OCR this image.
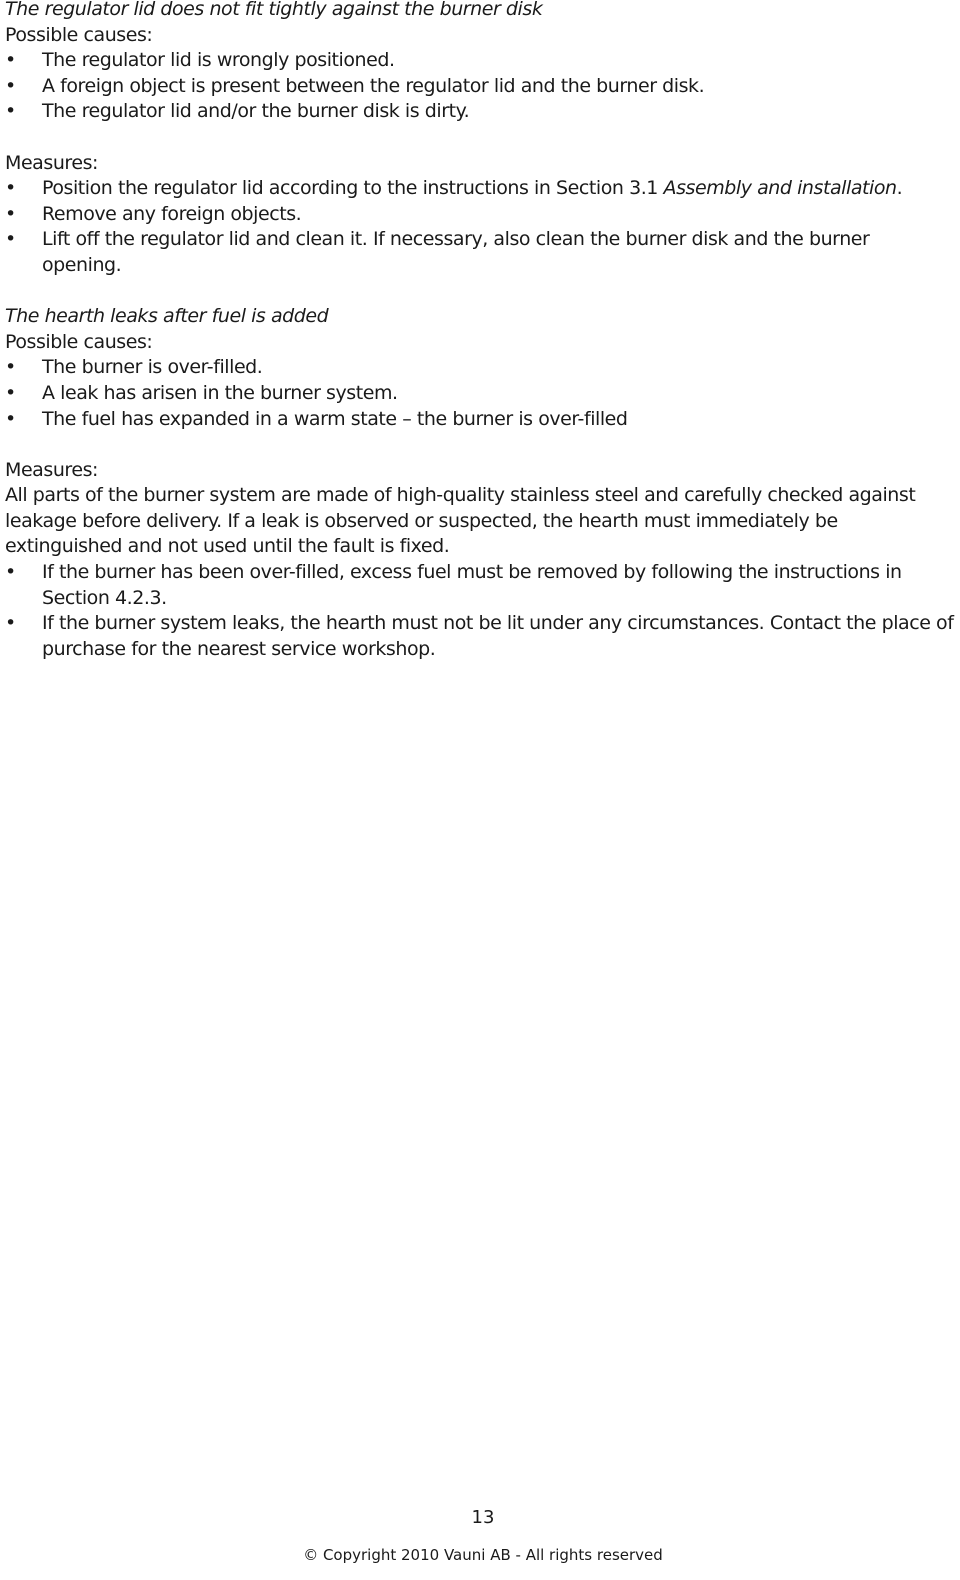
The regulator lid does not fit tightly against the burner disk
Possible causes:
•	The regulator lid is wrongly positioned.
•	A foreign object is present between the regulator lid and the burner disk.
•	The regulator lid and/or the burner disk is dirty.
Measures:
•	Position the regulator lid according to the instructions in Section 3.1 Assembly and installation.
•	Remove any foreign objects.
•	Lift off the regulator lid and clean it. If necessary, also clean the burner disk and the burner opening.
The hearth leaks after fuel is added
Possible causes:
•	The burner is over-filled.
•	A leak has arisen in the burner system.
•	The fuel has expanded in a warm state – the burner is over-filled
Measures:
All parts of the burner system are made of high-quality stainless steel and carefully checked against leakage before delivery. If a leak is observed or suspected, the hearth must immediately be extinguished and not used until the fault is fixed.
•	If the burner has been over-filled, excess fuel must be removed by following the instructions in Section 4.2.3.
•	If the burner system leaks, the hearth must not be lit under any circumstances. Contact the place of purchase for the nearest service workshop.
13
© Copyright 2010 Vauni AB - All rights reserved
